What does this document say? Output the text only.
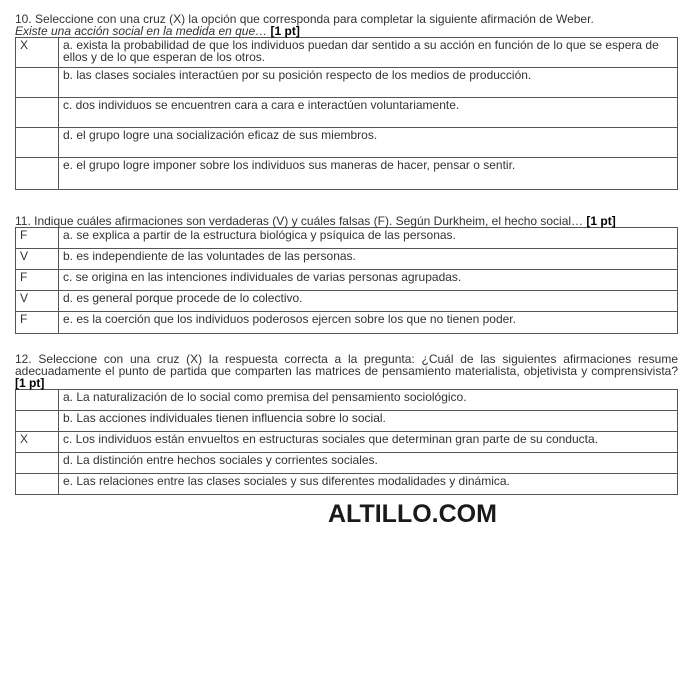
10. Seleccione con una cruz (X) la opción que corresponda para completar la siguiente afirmación de Weber.
Existe una acción social en la medida en que… [1 pt]
X	a. exista la probabilidad de que los individuos puedan dar sentido a su acción en función de lo que se espera de ellos y de lo que esperan de los otros.
	b. las clases sociales interactúen por su posición respecto de los medios de producción.
	c. dos individuos se encuentren cara a cara e interactúen voluntariamente.
	d. el grupo logre una socialización eficaz de sus miembros.
	e. el grupo logre imponer sobre los individuos sus maneras de hacer, pensar o sentir.
11. Indique cuáles afirmaciones son verdaderas (V) y cuáles falsas (F). Según Durkheim, el hecho social… [1 pt]
F	a. se explica a partir de la estructura biológica y psíquica de las personas.
V	b. es independiente de las voluntades de las personas.
F	c. se origina en las intenciones individuales de varias personas agrupadas.
V	d. es general porque procede de lo colectivo.
F	e. es la coerción que los individuos poderosos ejercen sobre los que no tienen poder.
12. Seleccione con una cruz (X) la respuesta correcta a la pregunta: ¿Cuál de las siguientes afirmaciones resume adecuadamente el punto de partida que comparten las matrices de pensamiento materialista, objetivista y comprensivista? [1 pt]
	a. La naturalización de lo social como premisa del pensamiento sociológico.
	b. Las acciones individuales tienen influencia sobre lo social.
X	c. Los individuos están envueltos en estructuras sociales que determinan gran parte de su conducta.
	d. La distinción entre hechos sociales y corrientes sociales.
	e. Las relaciones entre las clases sociales y sus diferentes modalidades y dinámica.
ALTILLO.COM
